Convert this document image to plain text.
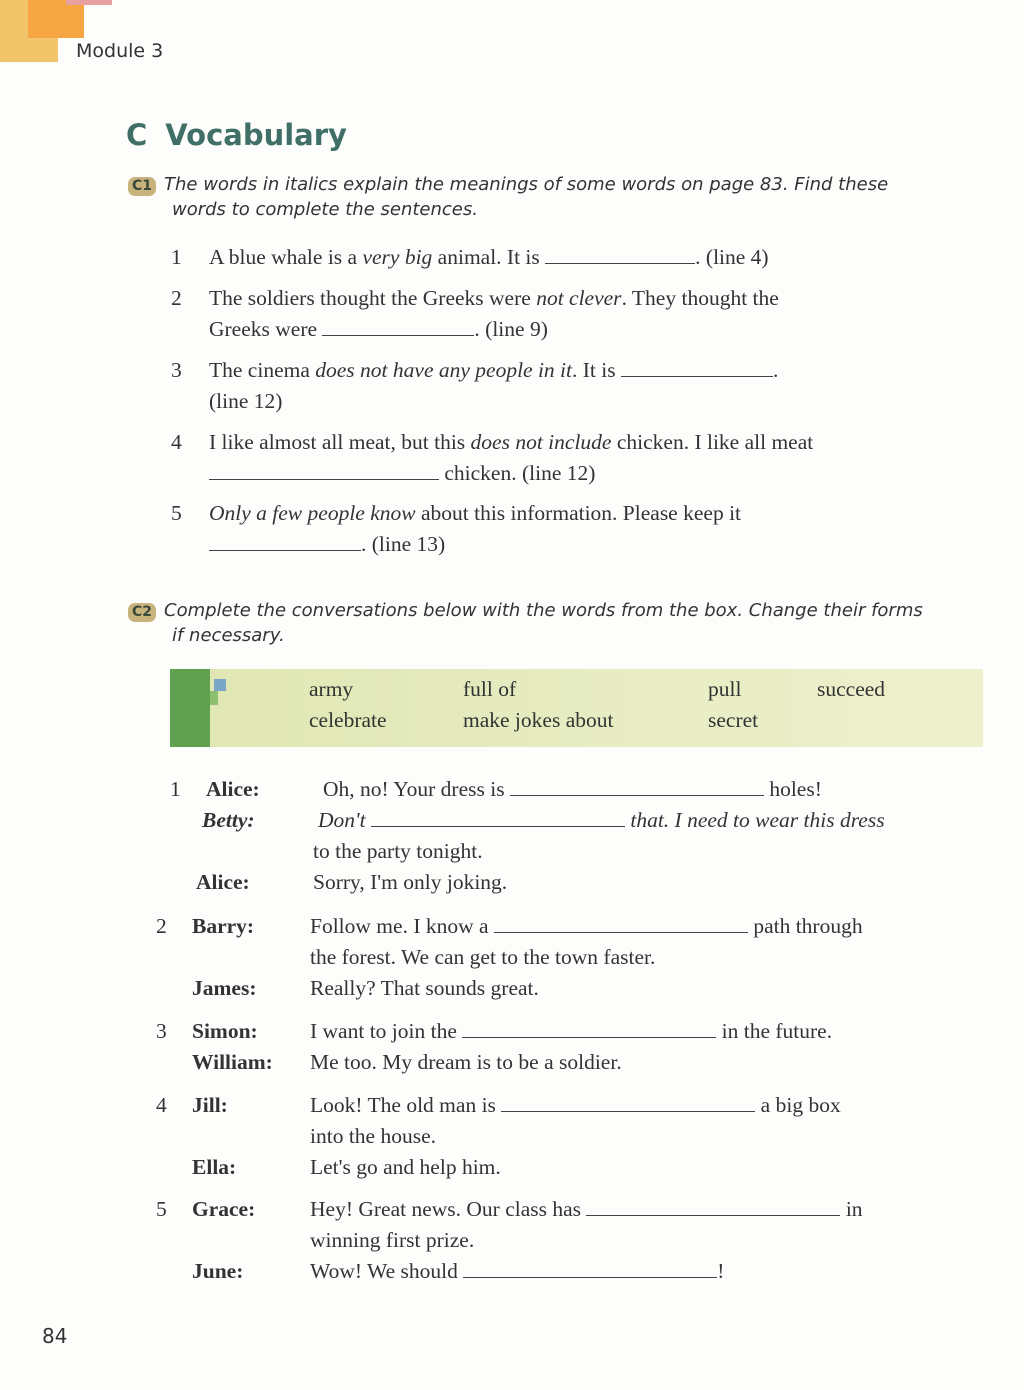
Module 3
C Vocabulary
C1 The words in italics explain the meanings of some words on page 83. Find these
words to complete the sentences.
1 A blue whale is a very big animal. It is	. (line 4)
2 The soldiers thought the Greeks were not clever. They thought the
Greeks were	. (line 9)
3 The cinema does not have any people in it. It is	.
(line 12)
4 I like almost all meat, but this does not include chicken. I like all meat
chicken. (line 12)
5 Only a few people know about this information. Please keep it
. (line 13)
C2 Complete the conversations below with the words from the box. Change their forms
if necessary.
army	full of	pull	succeed
celebrate	make jokes about	secret
1 Alice:	Oh, no! Your dress is	holes!
Betty:	Don't	that. I need to wear this dress
to the party tonight.
Alice:	Sorry, I'm only joking.
2 Barry:	Follow me. I know a	path through
the forest. We can get to the town faster.
James: Really? That sounds great.
3 Simon: I want to join the	in the future.
William: Me too. My dream is to be a soldier.
4 Jill:	Look! The old man is	a big box
into the house.
Ella:	Let's go and help him.
5 Grace:	Hey! Great news. Our class has	in
winning first prize.
June:	Wow! We should	!
84
